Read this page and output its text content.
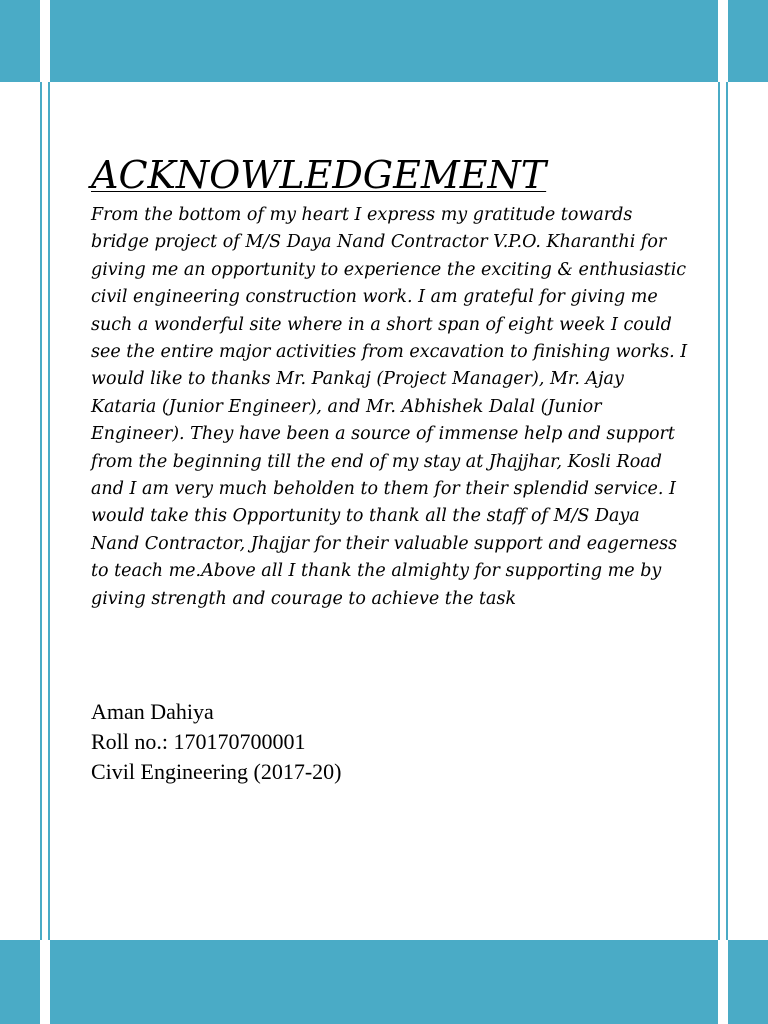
ACKNOWLEDGEMENT

From the bottom of my heart I express my gratitude towards bridge project of M/S Daya Nand Contractor V.P.O. Kharanthi for giving me an opportunity to experience the exciting & enthusiastic civil engineering construction work. I am grateful for giving me such a wonderful site where in a short span of eight week I could see the entire major activities from excavation to finishing works. I would like to thanks Mr. Pankaj (Project Manager), Mr. Ajay Kataria (Junior Engineer), and Mr. Abhishek Dalal (Junior Engineer). They have been a source of immense help and support from the beginning till the end of my stay at Jhajjhar, Kosli Road and I am very much beholden to them for their splendid service. I would take this Opportunity to thank all the staff of M/S Daya Nand Contractor, Jhajjar for their valuable support and eagerness to teach me.Above all I thank the almighty for supporting me by giving strength and courage to achieve the task

Aman Dahiya
Roll no.: 170170700001
Civil Engineering (2017-20)
